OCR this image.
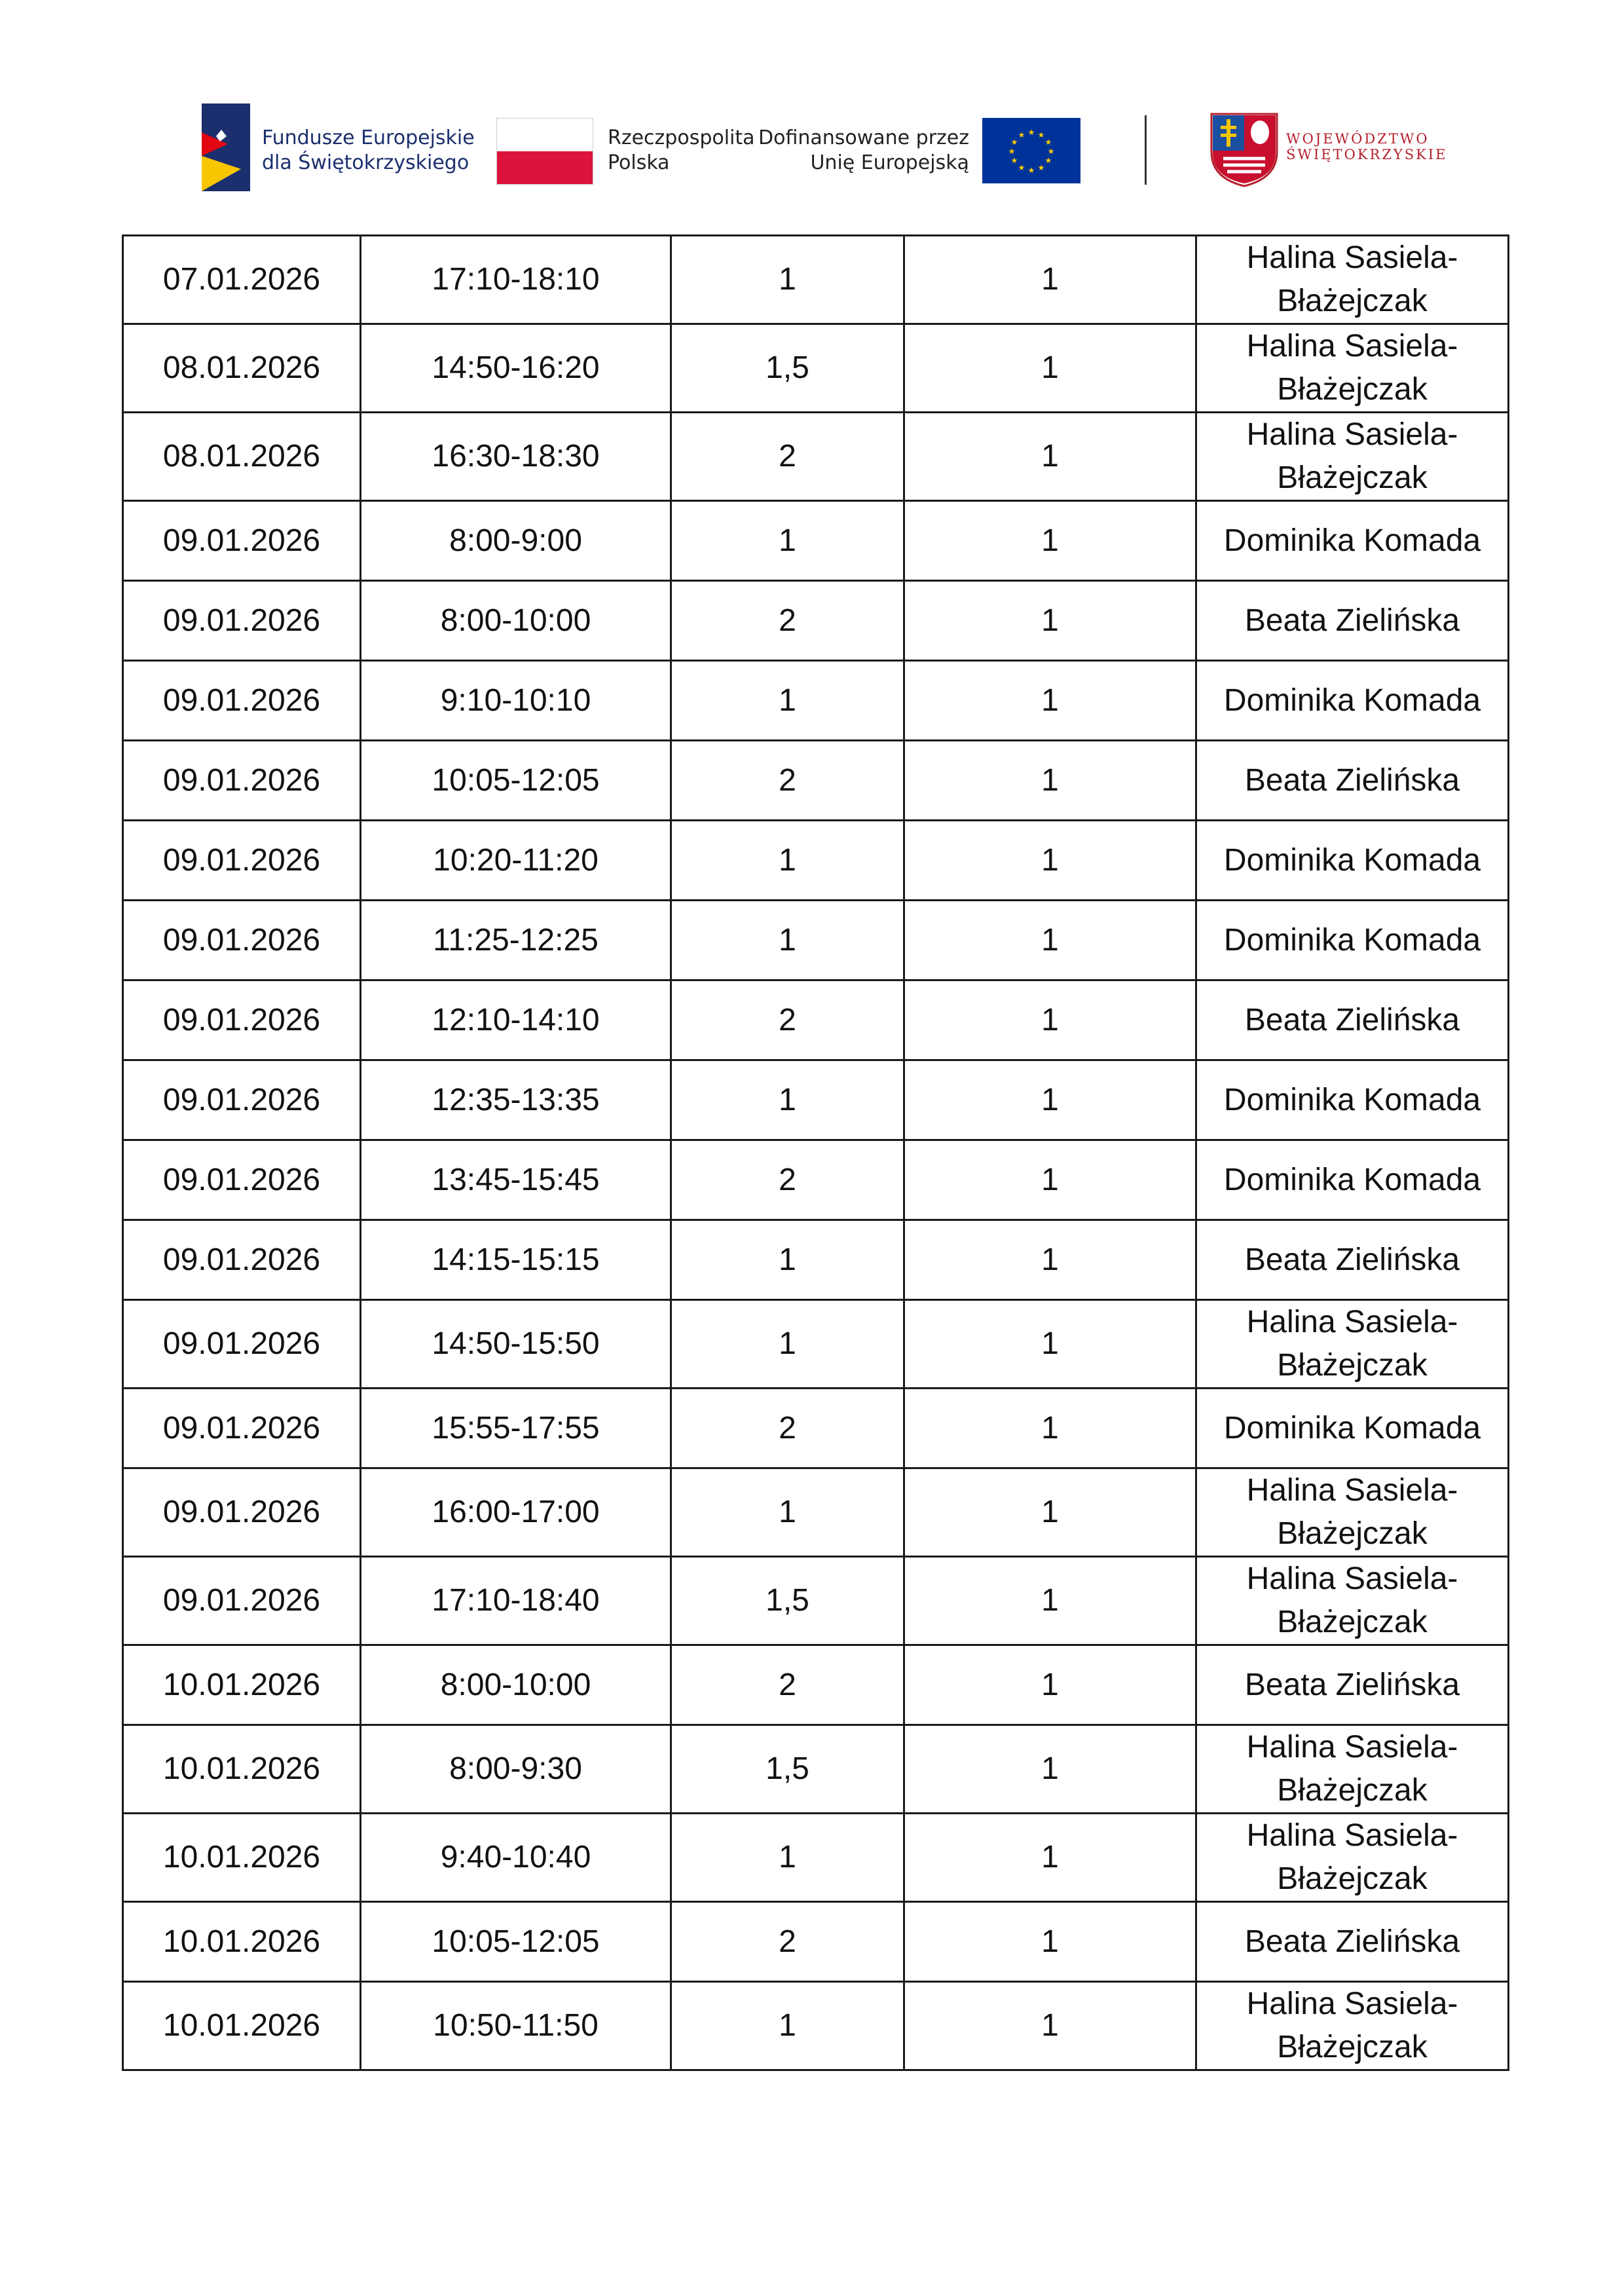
Fundusze Europejskie
dla Świętokrzyskiego
Rzeczpospolita
Polska
Dofinansowane przez
Unię Europejską
★ ★
★
★
★
★
★
★
★
★
★
★	WOJEWÓDZTWO
ŚWIĘTOKRZYSKIE
07.01.2026	17:10-18:10	1	1	Halina Sasiela-
Błażejczak

08.01.2026	14:50-16:20	1,5	1	Halina Sasiela-
Błażejczak

08.01.2026	16:30-18:30	2	1	Halina Sasiela-
Błażejczak

09.01.2026	8:00-9:00	1	1	Dominika Komada

09.01.2026	8:00-10:00	2	1	Beata Zielińska

09.01.2026	9:10-10:10	1	1	Dominika Komada

09.01.2026	10:05-12:05	2	1	Beata Zielińska

09.01.2026	10:20-11:20	1	1	Dominika Komada

09.01.2026	11:25-12:25	1	1	Dominika Komada

09.01.2026	12:10-14:10	2	1	Beata Zielińska

09.01.2026	12:35-13:35	1	1	Dominika Komada

09.01.2026	13:45-15:45	2	1	Dominika Komada

09.01.2026	14:15-15:15	1	1	Beata Zielińska

09.01.2026	14:50-15:50	1	1	Halina Sasiela-
Błażejczak

09.01.2026	15:55-17:55	2	1	Dominika Komada

09.01.2026	16:00-17:00	1	1	Halina Sasiela-
Błażejczak

09.01.2026	17:10-18:40	1,5	1	Halina Sasiela-
Błażejczak

10.01.2026	8:00-10:00	2	1	Beata Zielińska

10.01.2026	8:00-9:30	1,5	1	Halina Sasiela-
Błażejczak

10.01.2026	9:40-10:40	1	1	Halina Sasiela-
Błażejczak

10.01.2026	10:05-12:05	2	1	Beata Zielińska

10.01.2026	10:50-11:50	1	1	Halina Sasiela-
Błażejczak
